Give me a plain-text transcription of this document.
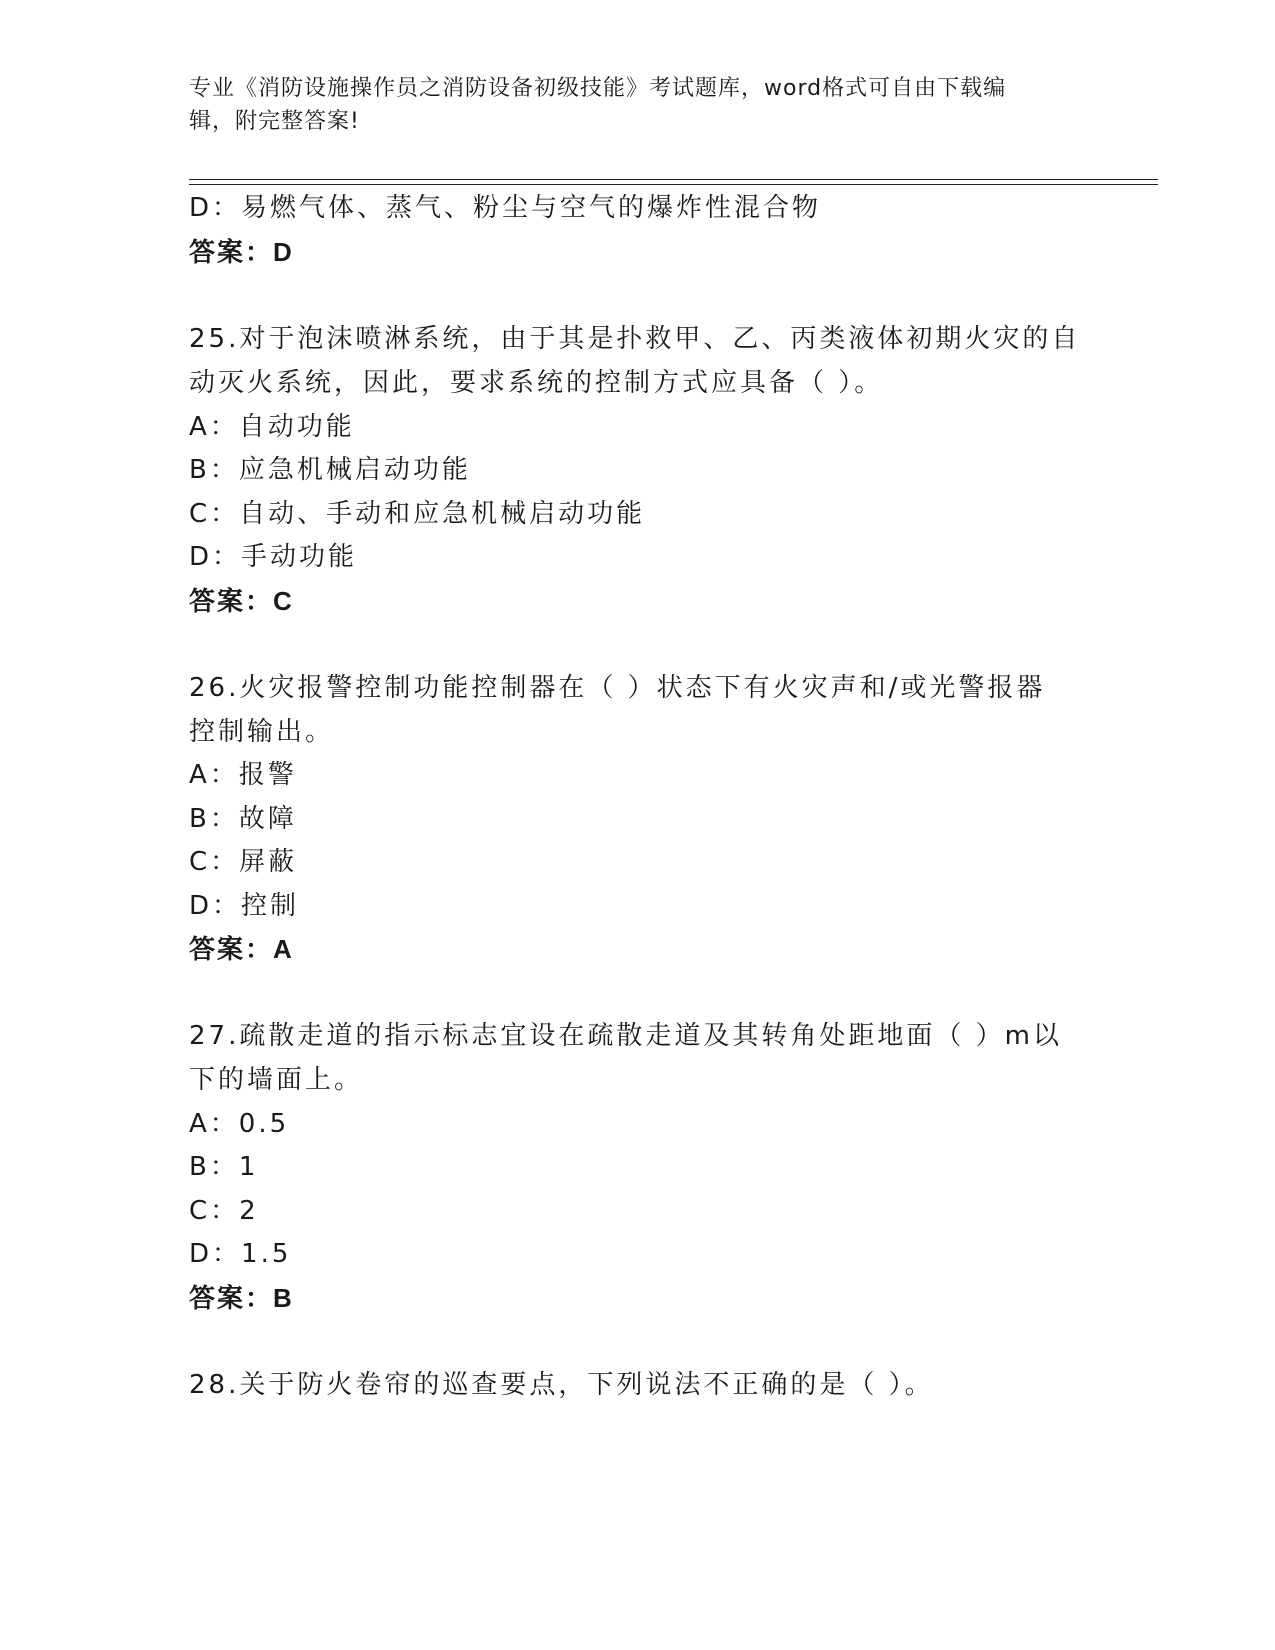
专业《消防设施操作员之消防设备初级技能》考试题库，word格式可自由下载编
辑，附完整答案!
D：易燃气体、蒸气、粉尘与空气的爆炸性混合物
答案：D
25.对于泡沫喷淋系统，由于其是扑救甲、乙、丙类液体初期火灾的自
动灭火系统，因此，要求系统的控制方式应具备（ ）。
A：自动功能
B：应急机械启动功能
C：自动、手动和应急机械启动功能
D：手动功能
答案：C
26.火灾报警控制功能控制器在（ ）状态下有火灾声和/或光警报器
控制输出。
A：报警
B：故障
C：屏蔽
D：控制
答案：A
27.疏散走道的指示标志宜设在疏散走道及其转角处距地面（ ）m以
下的墙面上。
A：0.5
B：1
C：2
D：1.5
答案：B
28.关于防火卷帘的巡查要点，下列说法不正确的是（ ）。
